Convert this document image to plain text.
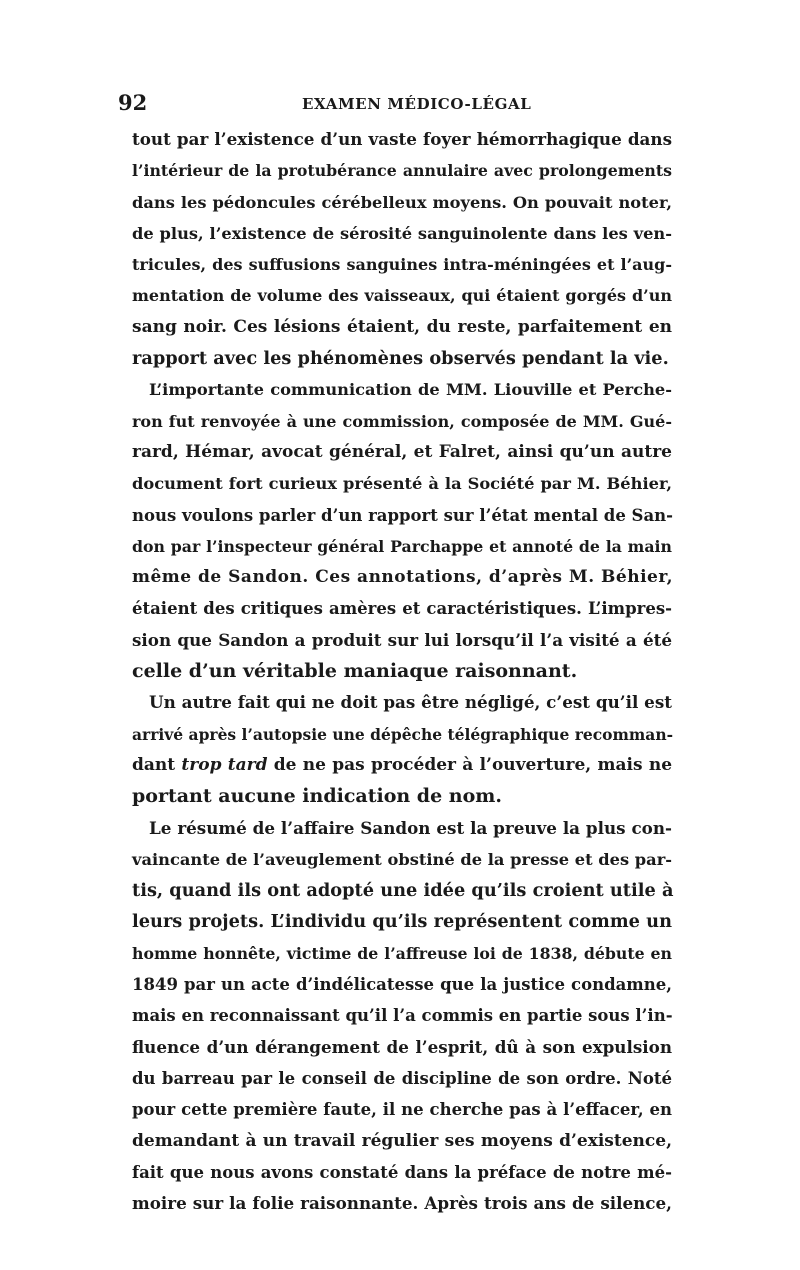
92	EXAMEN MÉDICO-LÉGAL
tout par l’existence d’un vaste foyer hémorrhagique dans
l’intérieur de la protubérance annulaire avec prolongements
dans les pédoncules cérébelleux moyens. On pouvait noter,
de plus, l’existence de sérosité sanguinolente dans les ven-
tricules, des suffusions sanguines intra-méningées et l’aug-
mentation de volume des vaisseaux, qui étaient gorgés d’un
sang noir. Ces lésions étaient, du reste, parfaitement en
rapport avec les phénomènes observés pendant la vie.
L’importante communication de MM. Liouville et Perche-
ron fut renvoyée à une commission, composée de MM. Gué-
rard, Hémar, avocat général, et Falret, ainsi qu’un autre
document fort curieux présenté à la Société par M. Béhier,
nous voulons parler d’un rapport sur l’état mental de San-
don par l’inspecteur général Parchappe et annoté de la main
même de Sandon. Ces annotations, d’après M. Béhier,
étaient des critiques amères et caractéristiques. L’impres-
sion que Sandon a produit sur lui lorsqu’il l’a visité a été
celle d’un véritable maniaque raisonnant.
Un autre fait qui ne doit pas être négligé, c’est qu’il est
arrivé après l’autopsie une dépêche télégraphique recomman-
dant trop tard de ne pas procéder à l’ouverture, mais ne
portant aucune indication de nom.
Le résumé de l’affaire Sandon est la preuve la plus con-
vaincante de l’aveuglement obstiné de la presse et des par-
tis, quand ils ont adopté une idée qu’ils croient utile à
leurs projets. L’individu qu’ils représentent comme un
homme honnête, victime de l’affreuse loi de 1838, débute en
1849 par un acte d’indélicatesse que la justice condamne,
mais en reconnaissant qu’il l’a commis en partie sous l’in-
fluence d’un dérangement de l’esprit, dû à son expulsion
du barreau par le conseil de discipline de son ordre. Noté
pour cette première faute, il ne cherche pas à l’effacer, en
demandant à un travail régulier ses moyens d’existence,
fait que nous avons constaté dans la préface de notre mé-
moire sur la folie raisonnante. Après trois ans de silence,
